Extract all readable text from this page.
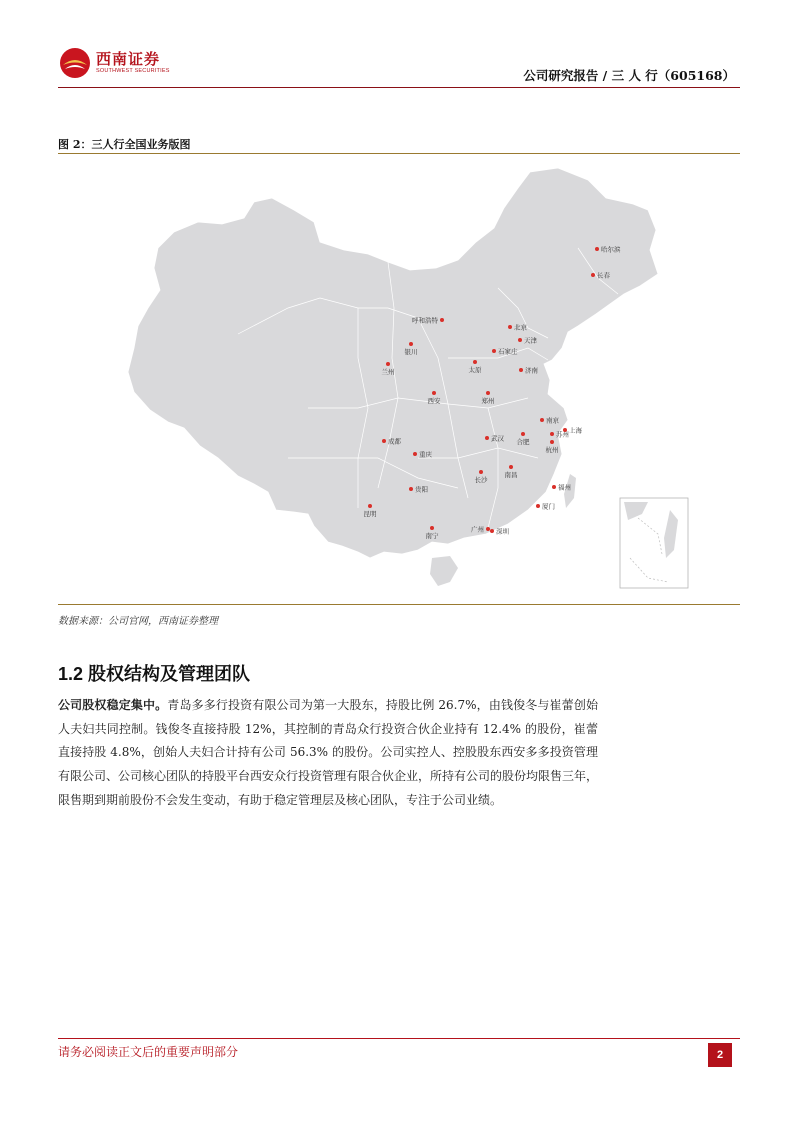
西南证券
SOUTHWEST SECURITIES	公司研究报告 / 三 人 行（605168）
图 2：三人行全国业务版图
哈尔滨
长春
呼和浩特
北京
天津
石家庄
银川
太原	济南
兰州
西安	郑州
南京
苏州
上海
合肥
武汉
杭州
成都
重庆
长沙
南昌
福州
贵阳
厦门
昆明
南宁
广州 深圳
数据来源：公司官网，西南证券整理
1.2 股权结构及管理团队
公司股权稳定集中。青岛多多行投资有限公司为第一大股东，持股比例 26.7%，由钱俊冬与崔蕾创始人夫妇共同控制。钱俊冬直接持股 12%，其控制的青岛众行投资合伙企业持有 12.4% 的股份，崔蕾直接持股 4.8%，创始人夫妇合计持有公司 56.3% 的股份。公司实控人、控股股东西安多多投资管理有限公司、公司核心团队的持股平台西安众行投资管理有限合伙企业，所持有公司的股份均限售三年，限售期到期前股份不会发生变动，有助于稳定管理层及核心团队，专注于公司业绩。
请务必阅读正文后的重要声明部分	2
